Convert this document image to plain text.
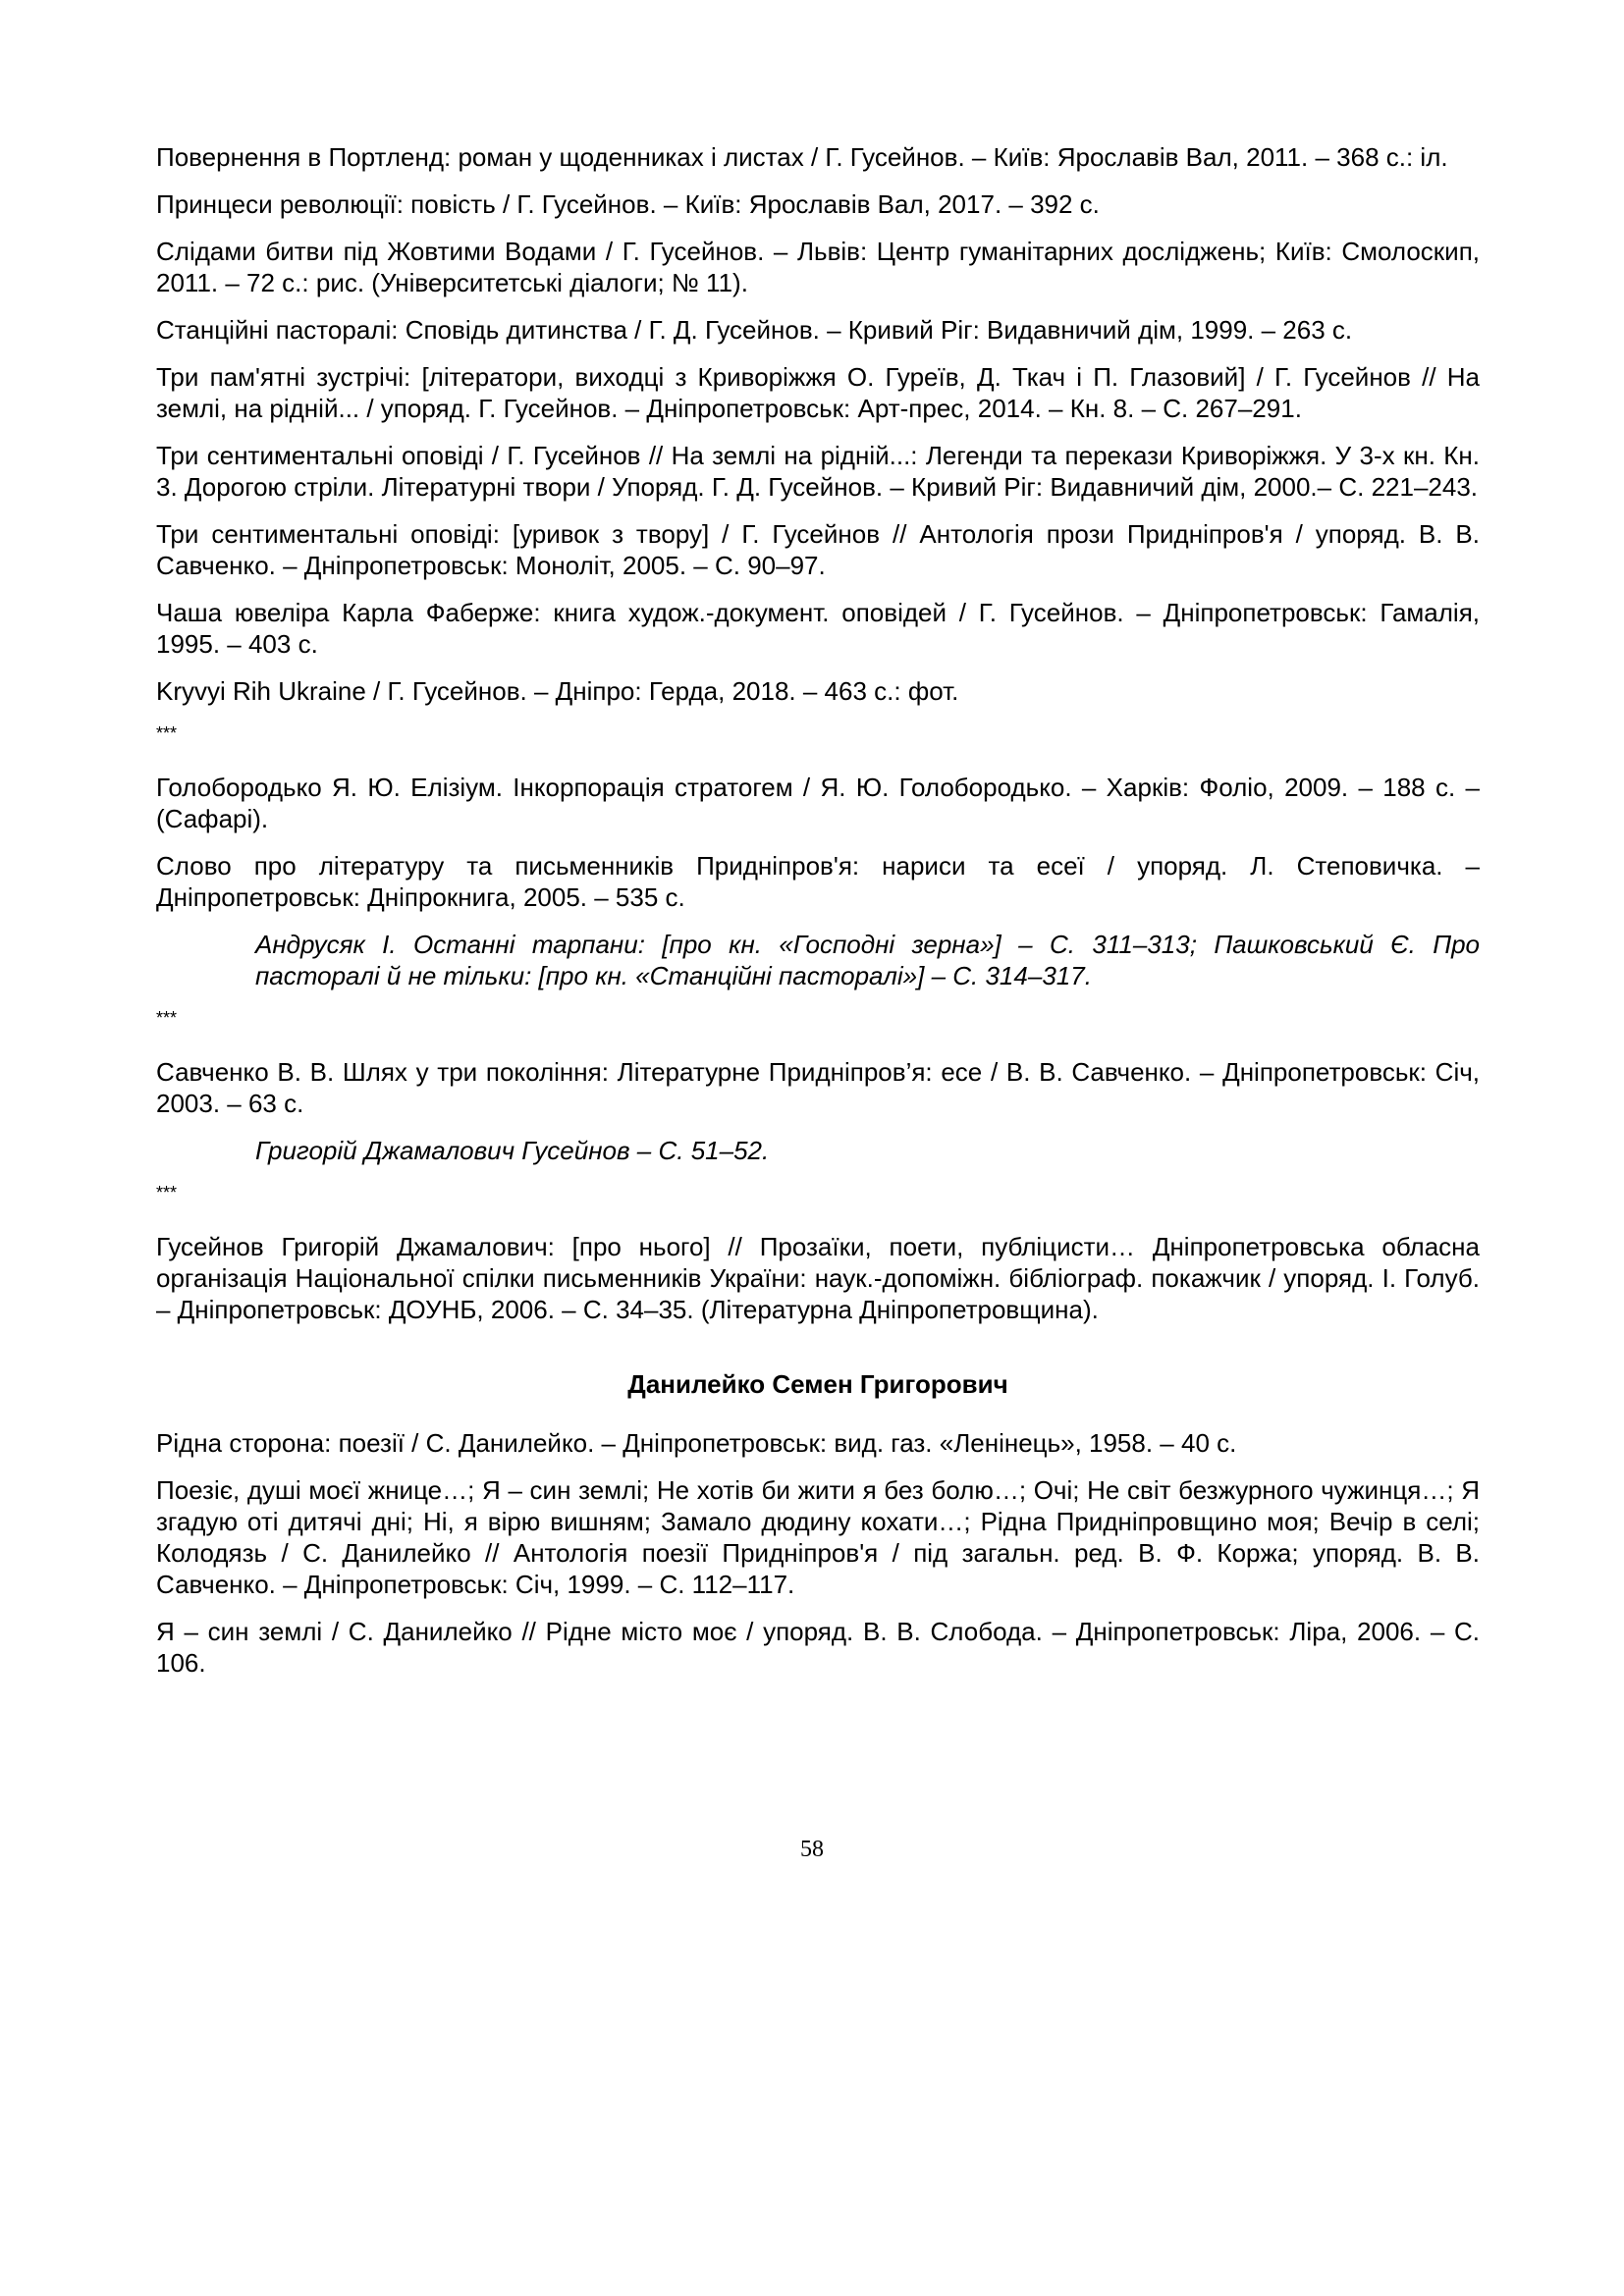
Повернення в Портленд: роман у щоденниках і листах / Г. Гусейнов. – Київ: Ярославів Вал, 2011. – 368 с.: іл.

Принцеси революції: повість / Г. Гусейнов. – Київ: Ярославів Вал, 2017. – 392 с.

Слідами битви під Жовтими Водами / Г. Гусейнов. – Львів: Центр гуманітарних досліджень; Київ: Смолоскип, 2011. – 72 с.: рис. (Університетські діалоги; № 11).

Станційні пасторалі: Сповідь дитинства / Г. Д. Гусейнов. – Кривий Ріг: Видавничий дім, 1999. – 263 с.

Три пам'ятні зустрічі: [літератори, виходці з Криворіжжя О. Гуреїв, Д. Ткач і П. Глазовий] / Г. Гусейнов // На землі, на рідній... / упоряд. Г. Гусейнов. – Дніпропетровськ: Арт-прес, 2014. – Кн. 8. – С. 267–291.

Три сентиментальні оповіді / Г. Гусейнов // На землі на рідній...: Легенди та перекази Криворіжжя. У 3-х кн. Кн. 3. Дорогою стріли. Літературні твори / Упоряд. Г. Д. Гусейнов. – Кривий Ріг: Видавничий дім, 2000.– С. 221–243.

Три сентиментальні оповіді: [уривок з твору] / Г. Гусейнов // Антологія прози Придніпров'я / упоряд. В. В. Савченко. – Дніпропетровськ: Моноліт, 2005. – С. 90–97.

Чаша ювеліра Карла Фаберже: книга худож.-документ. оповідей / Г. Гусейнов. – Дніпропетровськ: Гамалія, 1995. – 403 с.

Kryvyi Rih Ukraine / Г. Гусейнов. – Дніпро: Герда, 2018. – 463 с.: фот.

***

Голобородько Я. Ю. Елізіум. Інкорпорація стратогем / Я. Ю. Голобородько. – Харків: Фоліо, 2009. – 188 с. – (Сафарі).

Слово про літературу та письменників Придніпров'я: нариси та есеї / упоряд. Л. Степовичка. – Дніпропетровськ: Дніпрокнига, 2005. – 535 с.

Андрусяк І. Останні тарпани: [про кн. «Господні зерна»] – С. 311–313; Пашковський Є. Про пасторалі й не тільки: [про кн. «Станційні пасторалі»] – С. 314–317.

***

Савченко В. В. Шлях у три покоління: Літературне Придніпров’я: есе / В. В. Савченко. – Дніпропетровськ: Січ, 2003. – 63 с.

Григорій Джамалович Гусейнов – С. 51–52.

***

Гусейнов Григорій Джамалович: [про нього] // Прозаїки, поети, публіцисти… Дніпропетровська обласна організація Національної спілки письменників України: наук.-допоміжн. бібліограф. покажчик / упоряд. І. Голуб. – Дніпропетровськ: ДОУНБ, 2006. – С. 34–35. (Літературна Дніпропетровщина).

Данилейко Семен Григорович

Рідна сторона: поезії / С. Данилейко. – Дніпропетровськ: вид. газ. «Ленінець», 1958. – 40 с.

Поезіє, душі моєї жнице…; Я – син землі; Не хотів би жити я без болю…; Очі; Не світ безжурного чужинця…; Я згадую оті дитячі дні; Ні, я вірю вишням; Замало дюдину кохати…; Рідна Придніпровщино моя; Вечір в селі; Колодязь / С. Данилейко // Антологія поезії Придніпров'я / під загальн. ред. В. Ф. Коржа; упоряд. В. В. Савченко. – Дніпропетровськ: Січ, 1999. – С. 112–117.

Я – син землі / С. Данилейко // Рідне місто моє / упоряд. В. В. Слобода. – Дніпропетровськ: Ліра, 2006. – С. 106.

58
